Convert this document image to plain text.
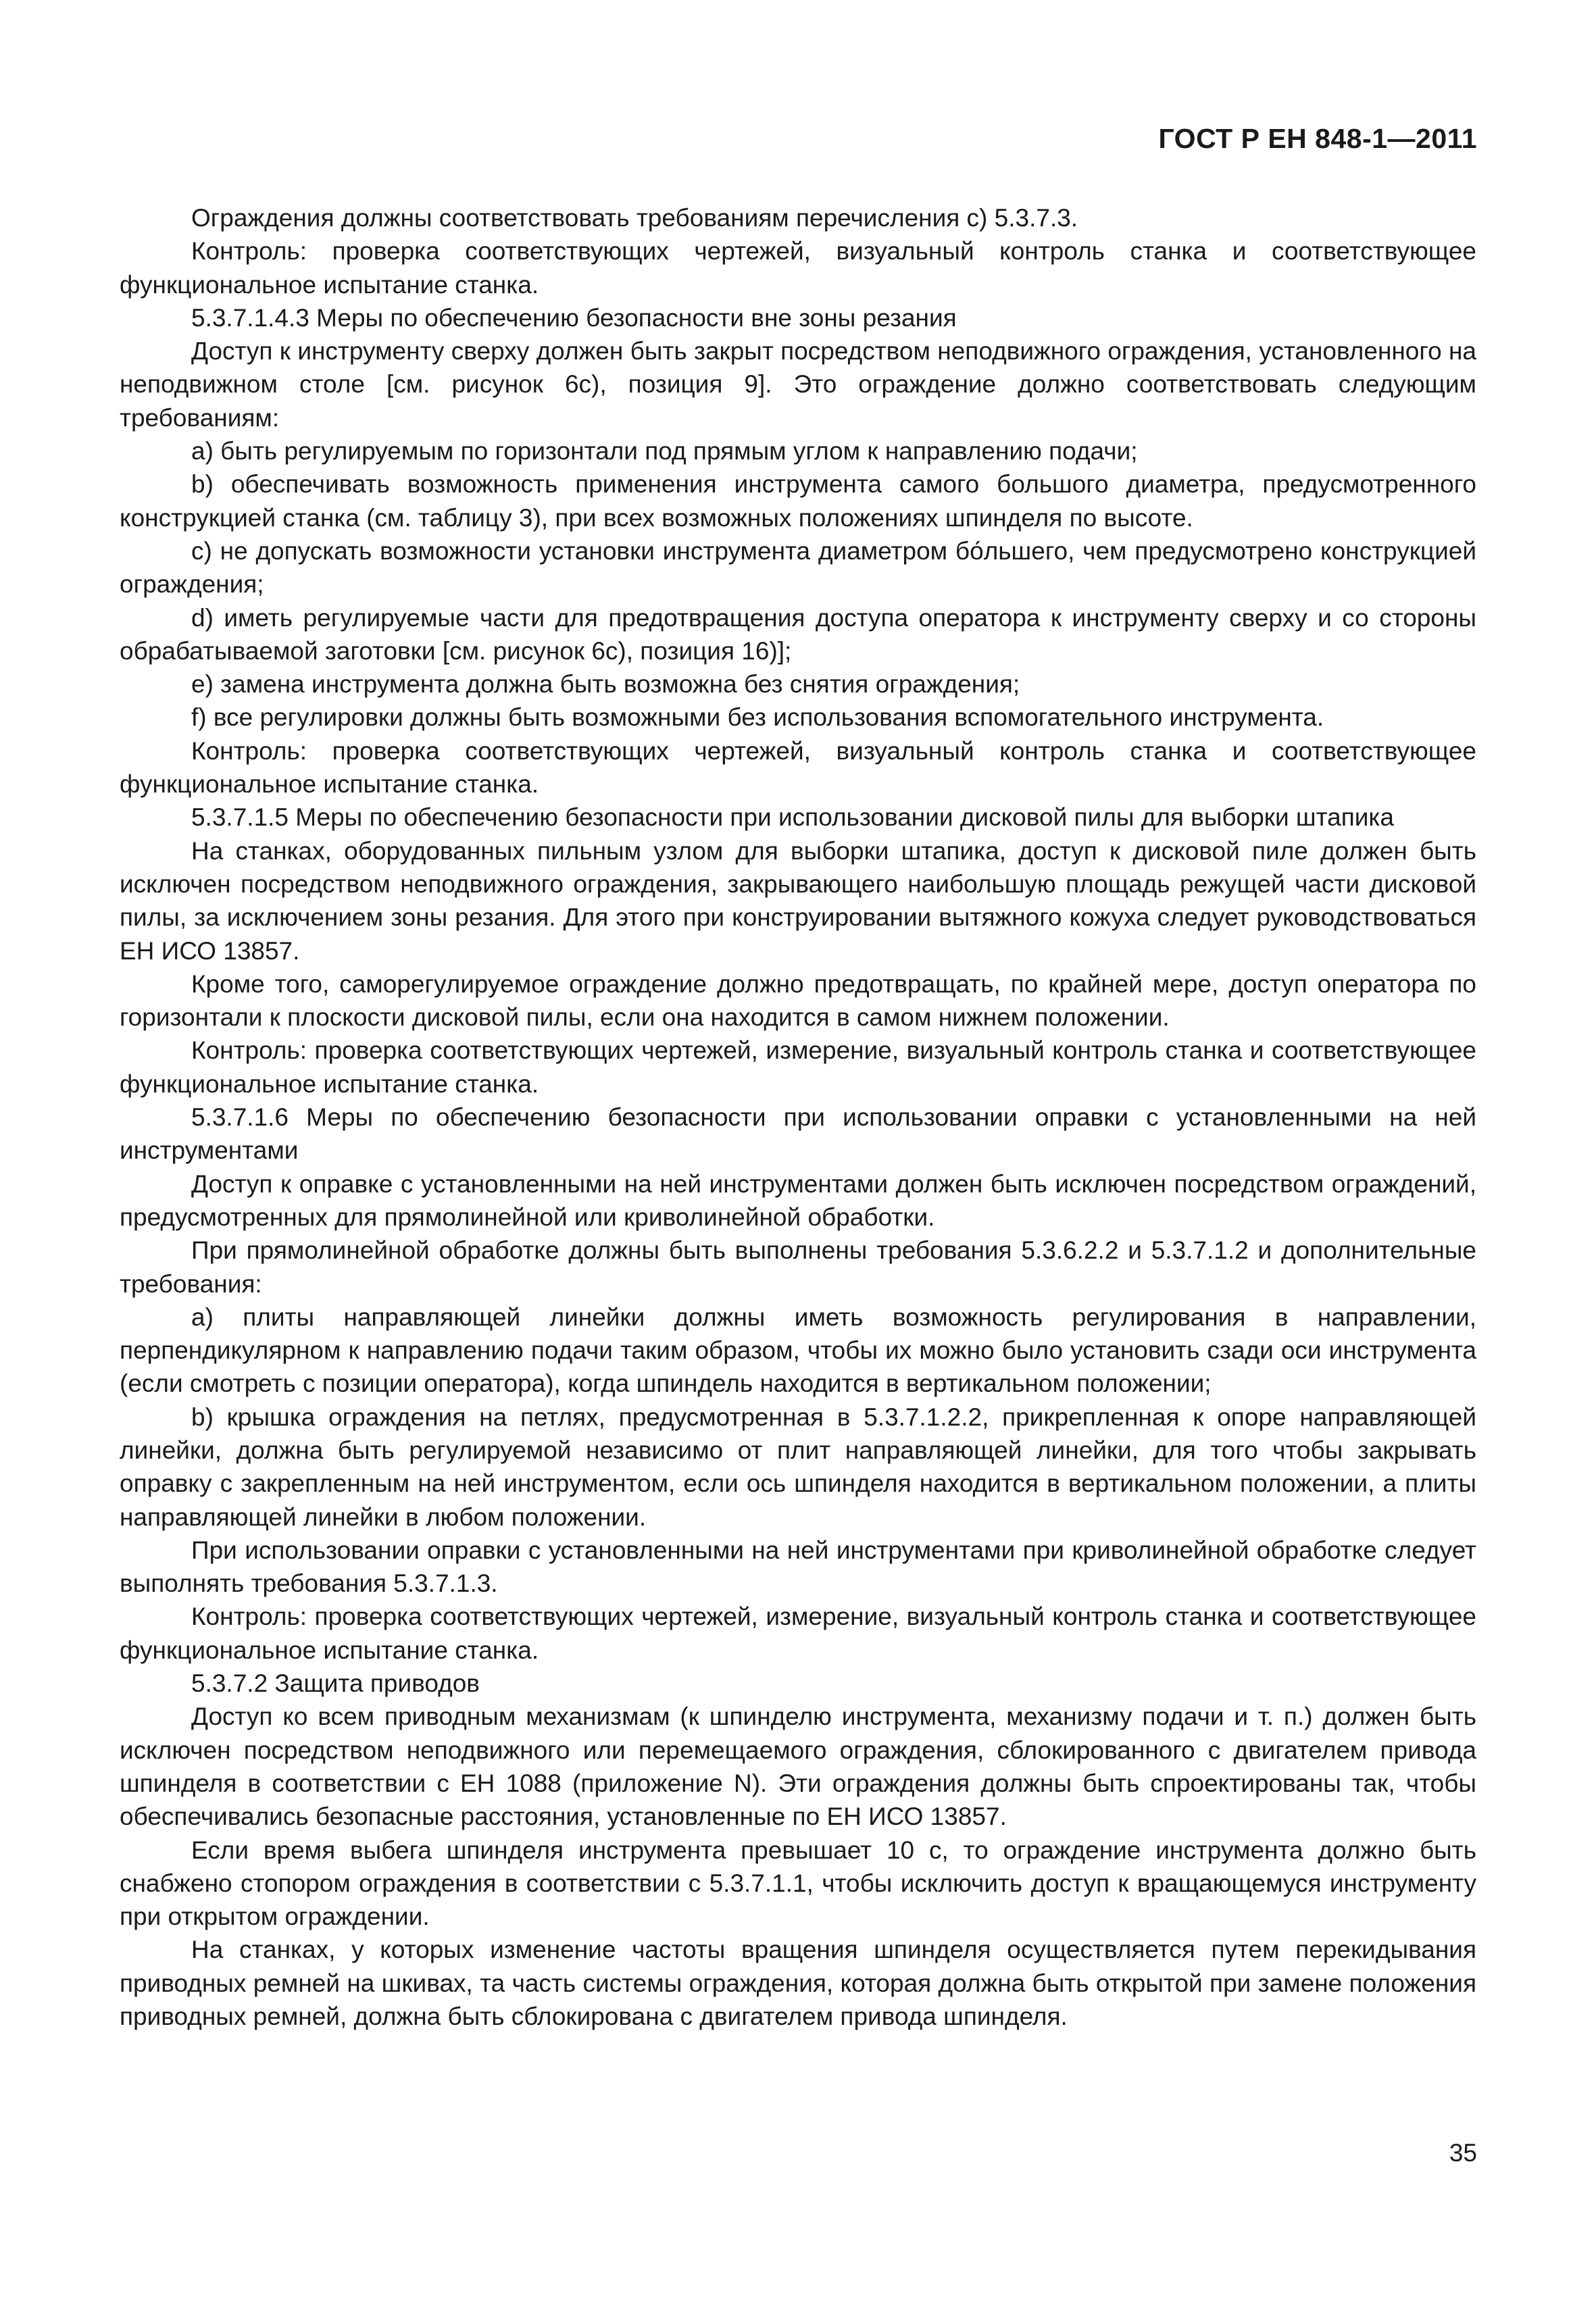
ГОСТ Р ЕН 848-1—2011

Ограждения должны соответствовать требованиям перечисления с) 5.3.7.3.

Контроль: проверка соответствующих чертежей, визуальный контроль станка и соответствующее функциональное испытание станка.

5.3.7.1.4.3 Меры по обеспечению безопасности вне зоны резания

Доступ к инструменту сверху должен быть закрыт посредством неподвижного ограждения, установленного на неподвижном столе [см. рисунок 6с), позиция 9]. Это ограждение должно соответствовать следующим требованиям:

a) быть регулируемым по горизонтали под прямым углом к направлению подачи;

b) обеспечивать возможность применения инструмента самого большого диаметра, предусмотренного конструкцией станка (см. таблицу 3), при всех возможных положениях шпинделя по высоте.

с) не допускать возможности установки инструмента диаметром бо́льшего, чем предусмотрено конструкцией ограждения;

d) иметь регулируемые части для предотвращения доступа оператора к инструменту сверху и со стороны обрабатываемой заготовки [см. рисунок 6с), позиция 16)];

e) замена инструмента должна быть возможна без снятия ограждения;

f) все регулировки должны быть возможными без использования вспомогательного инструмента.

Контроль: проверка соответствующих чертежей, визуальный контроль станка и соответствующее функциональное испытание станка.

5.3.7.1.5 Меры по обеспечению безопасности при использовании дисковой пилы для выборки штапика

На станках, оборудованных пильным узлом для выборки штапика, доступ к дисковой пиле должен быть исключен посредством неподвижного ограждения, закрывающего наибольшую площадь режущей части дисковой пилы, за исключением зоны резания. Для этого при конструировании вытяжного кожуха следует руководствоваться ЕН ИСО 13857.

Кроме того, саморегулируемое ограждение должно предотвращать, по крайней мере, доступ оператора по горизонтали к плоскости дисковой пилы, если она находится в самом нижнем положении.

Контроль: проверка соответствующих чертежей, измерение, визуальный контроль станка и соответствующее функциональное испытание станка.

5.3.7.1.6 Меры по обеспечению безопасности при использовании оправки с установленными на ней инструментами

Доступ к оправке с установленными на ней инструментами должен быть исключен посредством ограждений, предусмотренных для прямолинейной или криволинейной обработки.

При прямолинейной обработке должны быть выполнены требования 5.3.6.2.2 и 5.3.7.1.2 и дополнительные требования:

a) плиты направляющей линейки должны иметь возможность регулирования в направлении, перпендикулярном к направлению подачи таким образом, чтобы их можно было установить сзади оси инструмента (если смотреть с позиции оператора), когда шпиндель находится в вертикальном положении;

b) крышка ограждения на петлях, предусмотренная в 5.3.7.1.2.2, прикрепленная к опоре направляющей линейки, должна быть регулируемой независимо от плит направляющей линейки, для того чтобы закрывать оправку с закрепленным на ней инструментом, если ось шпинделя находится в вертикальном положении, а плиты направляющей линейки в любом положении.

При использовании оправки с установленными на ней инструментами при криволинейной обработке следует выполнять требования 5.3.7.1.3.

Контроль: проверка соответствующих чертежей, измерение, визуальный контроль станка и соответствующее функциональное испытание станка.

5.3.7.2 Защита приводов

Доступ ко всем приводным механизмам (к шпинделю инструмента, механизму подачи и т. п.) должен быть исключен посредством неподвижного или перемещаемого ограждения, сблокированного с двигателем привода шпинделя в соответствии с ЕН 1088 (приложение N). Эти ограждения должны быть спроектированы так, чтобы обеспечивались безопасные расстояния, установленные по ЕН ИСО 13857.

Если время выбега шпинделя инструмента превышает 10 с, то ограждение инструмента должно быть снабжено стопором ограждения в соответствии с 5.3.7.1.1, чтобы исключить доступ к вращающемуся инструменту при открытом ограждении.

На станках, у которых изменение частоты вращения шпинделя осуществляется путем перекидывания приводных ремней на шкивах, та часть системы ограждения, которая должна быть открытой при замене положения приводных ремней, должна быть сблокирована с двигателем привода шпинделя.

35
